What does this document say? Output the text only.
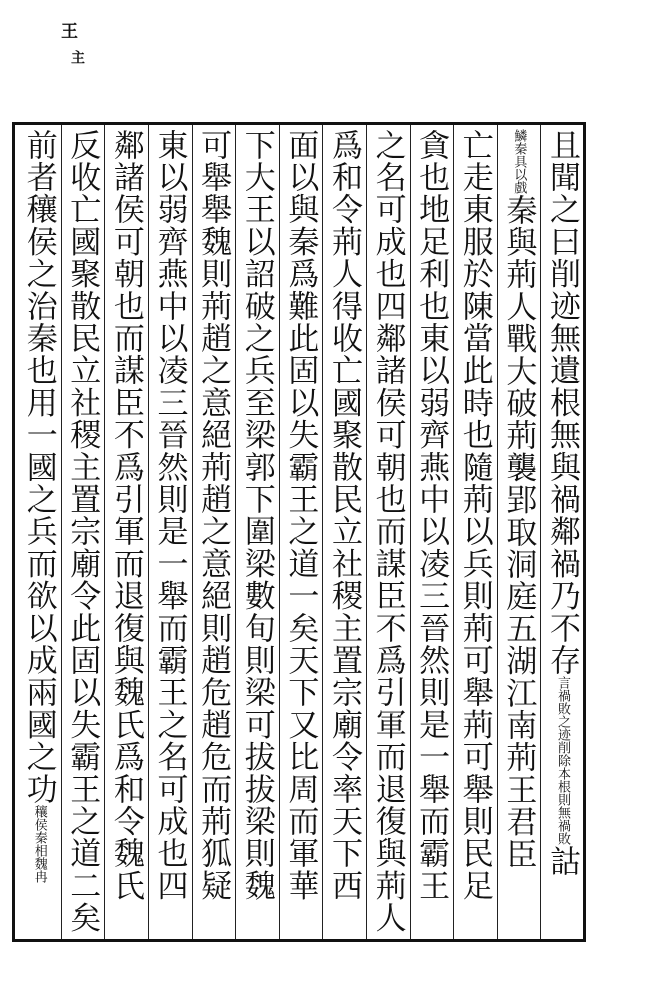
王
主
且聞之曰削迹無遺根無與禍鄰禍乃不存言禍敗之迹削除本根則無禍敗詁
鱗秦具以戲秦與荊人戰大破荊襲郢取洞庭五湖江南荊王君臣
亡走東服於陳當此時也隨荊以兵則荊可舉荊可舉則民足
貪也地足利也東以弱齊燕中以凌三晉然則是一舉而霸王
之名可成也四鄰諸侯可朝也而謀臣不爲引軍而退復與荊人
爲和令荊人得收亡國聚散民立社稷主置宗廟令率天下西
面以與秦爲難此固以失霸王之道一矣天下又比周而軍華
下大王以詔破之兵至梁郭下圍梁數旬則梁可拔拔梁則魏
可舉舉魏則荊趙之意絕荊趙之意絕則趙危趙危而荊狐疑
東以弱齊燕中以凌三晉然則是一舉而霸王之名可成也四
鄰諸侯可朝也而謀臣不爲引軍而退復與魏氏爲和令魏氏
反收亡國聚散民立社稷主置宗廟令此固以失霸王之道二矣
前者穰侯之治秦也用一國之兵而欲以成兩國之功穰侯秦相魏冉
